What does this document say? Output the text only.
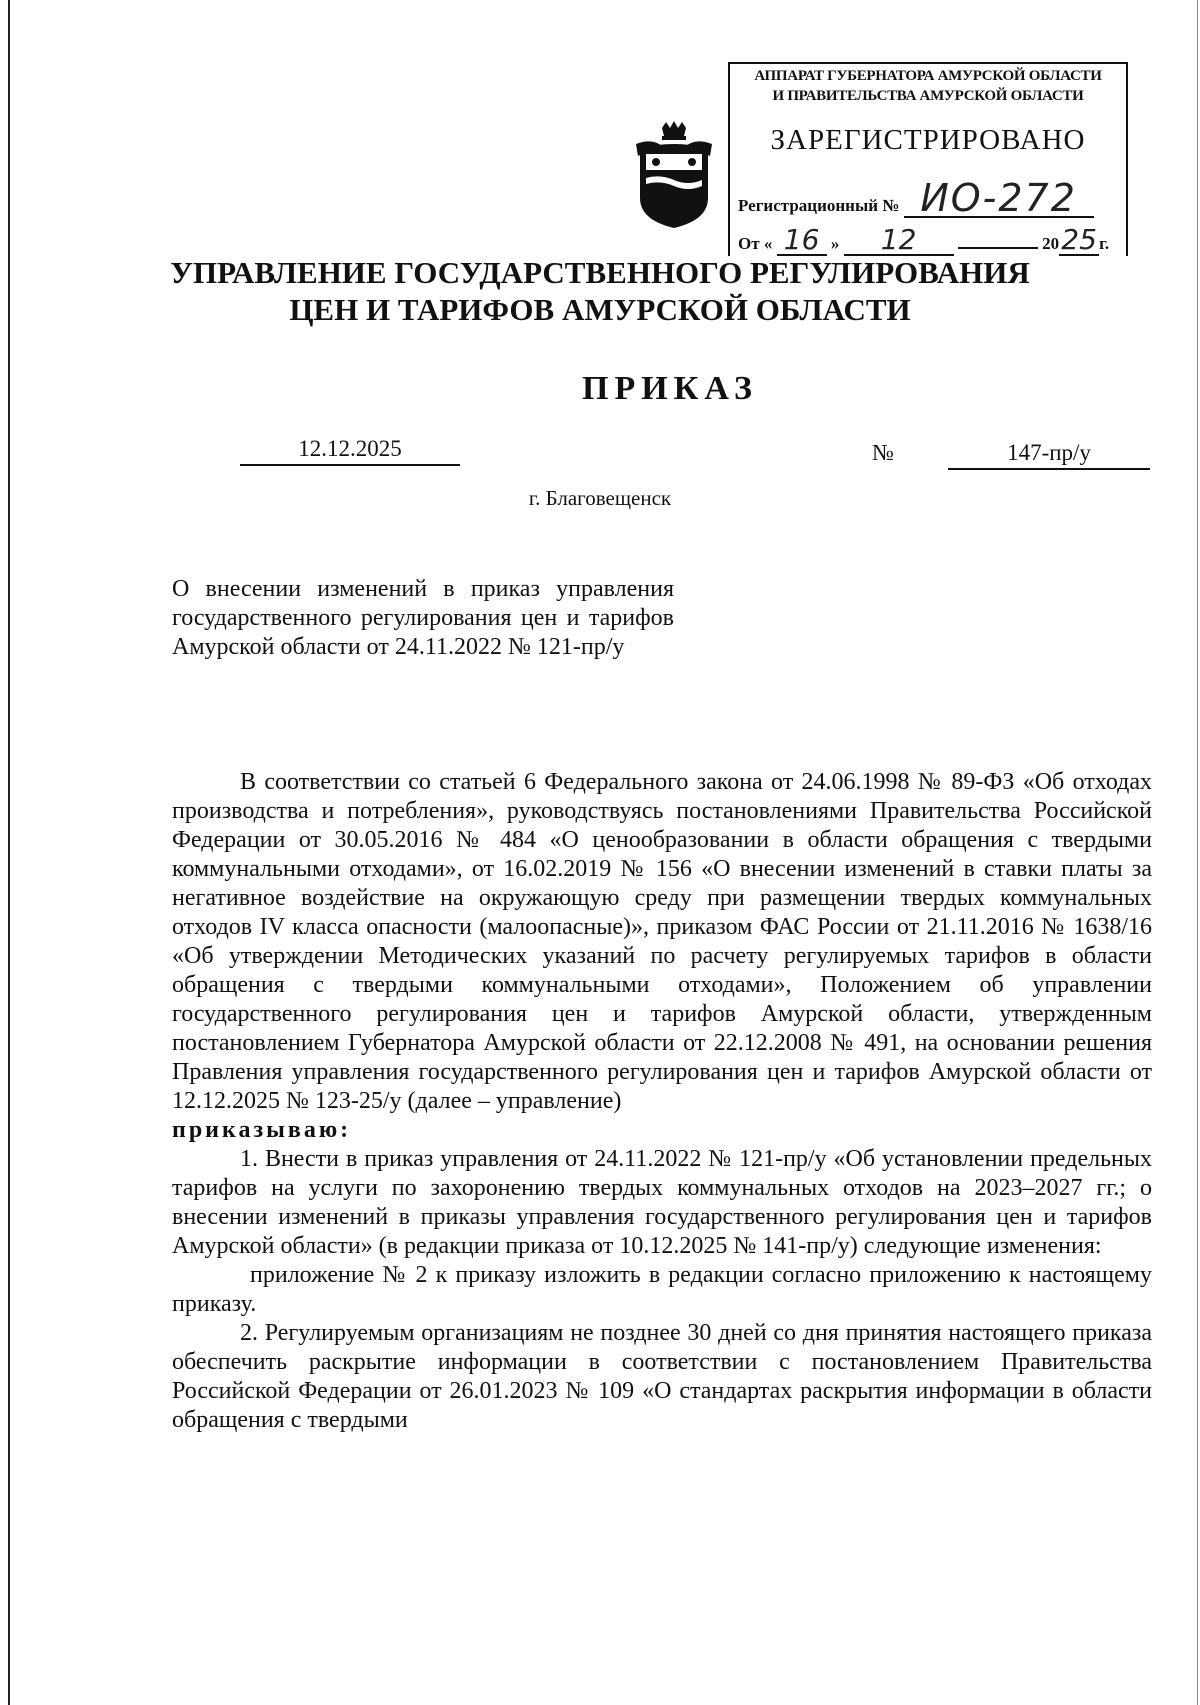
АППАРАТ ГУБЕРНАТОРА АМУРСКОЙ ОБЛАСТИ
И ПРАВИТЕЛЬСТВА АМУРСКОЙ ОБЛАСТИ
ЗАРЕГИСТРИРОВАНО
Регистрационный № ИО-272
От « 16 » 12	2025 г.
УПРАВЛЕНИЕ ГОСУДАРСТВЕННОГО РЕГУЛИРОВАНИЯ
ЦЕН И ТАРИФОВ АМУРСКОЙ ОБЛАСТИ
ПРИКАЗ
12.12.2025	№	147-пр/у
г. Благовещенск
О внесении изменений в приказ управления государственного регулирования цен и тарифов Амурской области от 24.11.2022 № 121-пр/у

В соответствии со статьей 6 Федерального закона от 24.06.1998 № 89-ФЗ «Об отходах производства и потребления», руководствуясь постановлениями Правительства Российской Федерации от 30.05.2016 № 484 «О ценообразовании в области обращения с твердыми коммунальными отходами», от 16.02.2019 № 156 «О внесении изменений в ставки платы за негативное воздействие на окружающую среду при размещении твердых коммунальных отходов IV класса опасности (малоопасные)», приказом ФАС России от 21.11.2016 № 1638/16 «Об утверждении Методических указаний по расчету регулируемых тарифов в области обращения с твердыми коммунальными отходами», Положением об управлении государственного регулирования цен и тарифов Амурской области, утвержденным постановлением Губернатора Амурской области от 22.12.2008 № 491, на основании решения Правления управления государственного регулирования цен и тарифов Амурской области от 12.12.2025 № 123-25/у (далее – управление)

приказываю:

1. Внести в приказ управления от 24.11.2022 № 121-пр/у «Об установлении предельных тарифов на услуги по захоронению твердых коммунальных отходов на 2023–2027 гг.; о внесении изменений в приказы управления государственного регулирования цен и тарифов Амурской области» (в редакции приказа от 10.12.2025 № 141-пр/у) следующие изменения:

приложение № 2 к приказу изложить в редакции согласно приложению к настоящему приказу.

2. Регулируемым организациям не позднее 30 дней со дня принятия настоящего приказа обеспечить раскрытие информации в соответствии с постановлением Правительства Российской Федерации от 26.01.2023 № 109 «О стандартах раскрытия информации в области обращения с твердыми
